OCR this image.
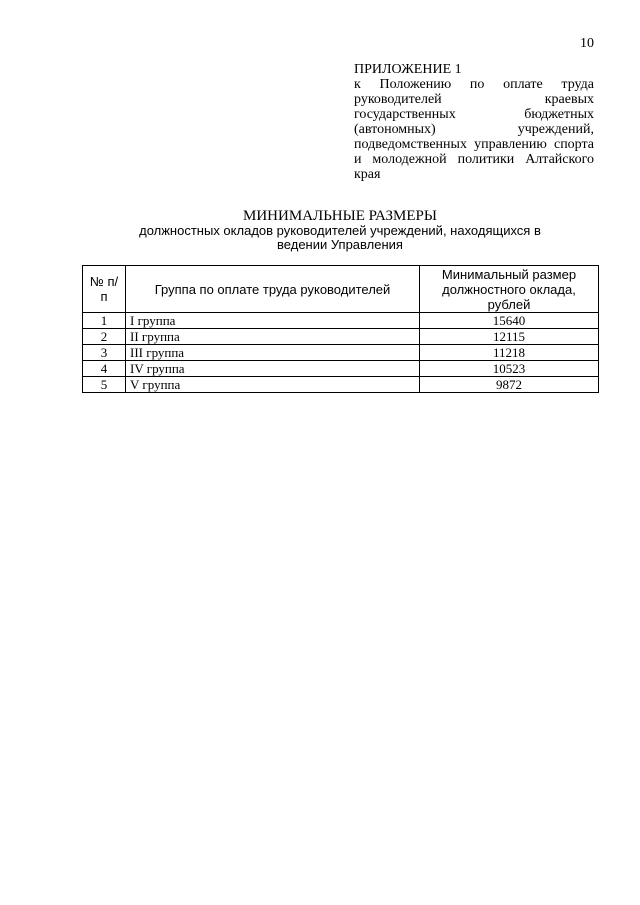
10
ПРИЛОЖЕНИЕ 1
к Положению по оплате труда руководителей краевых государственных бюджетных (автономных) учреждений, подведомственных управлению спорта и молодежной политики Алтайского края
МИНИМАЛЬНЫЕ РАЗМЕРЫ
должностных окладов руководителей учреждений, находящихся в ведении Управления
№ п/п	Группа по оплате труда руководителей	Минимальный размер должностного оклада, рублей
1	I группа	15640
2	II группа	12115
3	III группа	11218
4	IV группа	10523
5	V группа	9872
